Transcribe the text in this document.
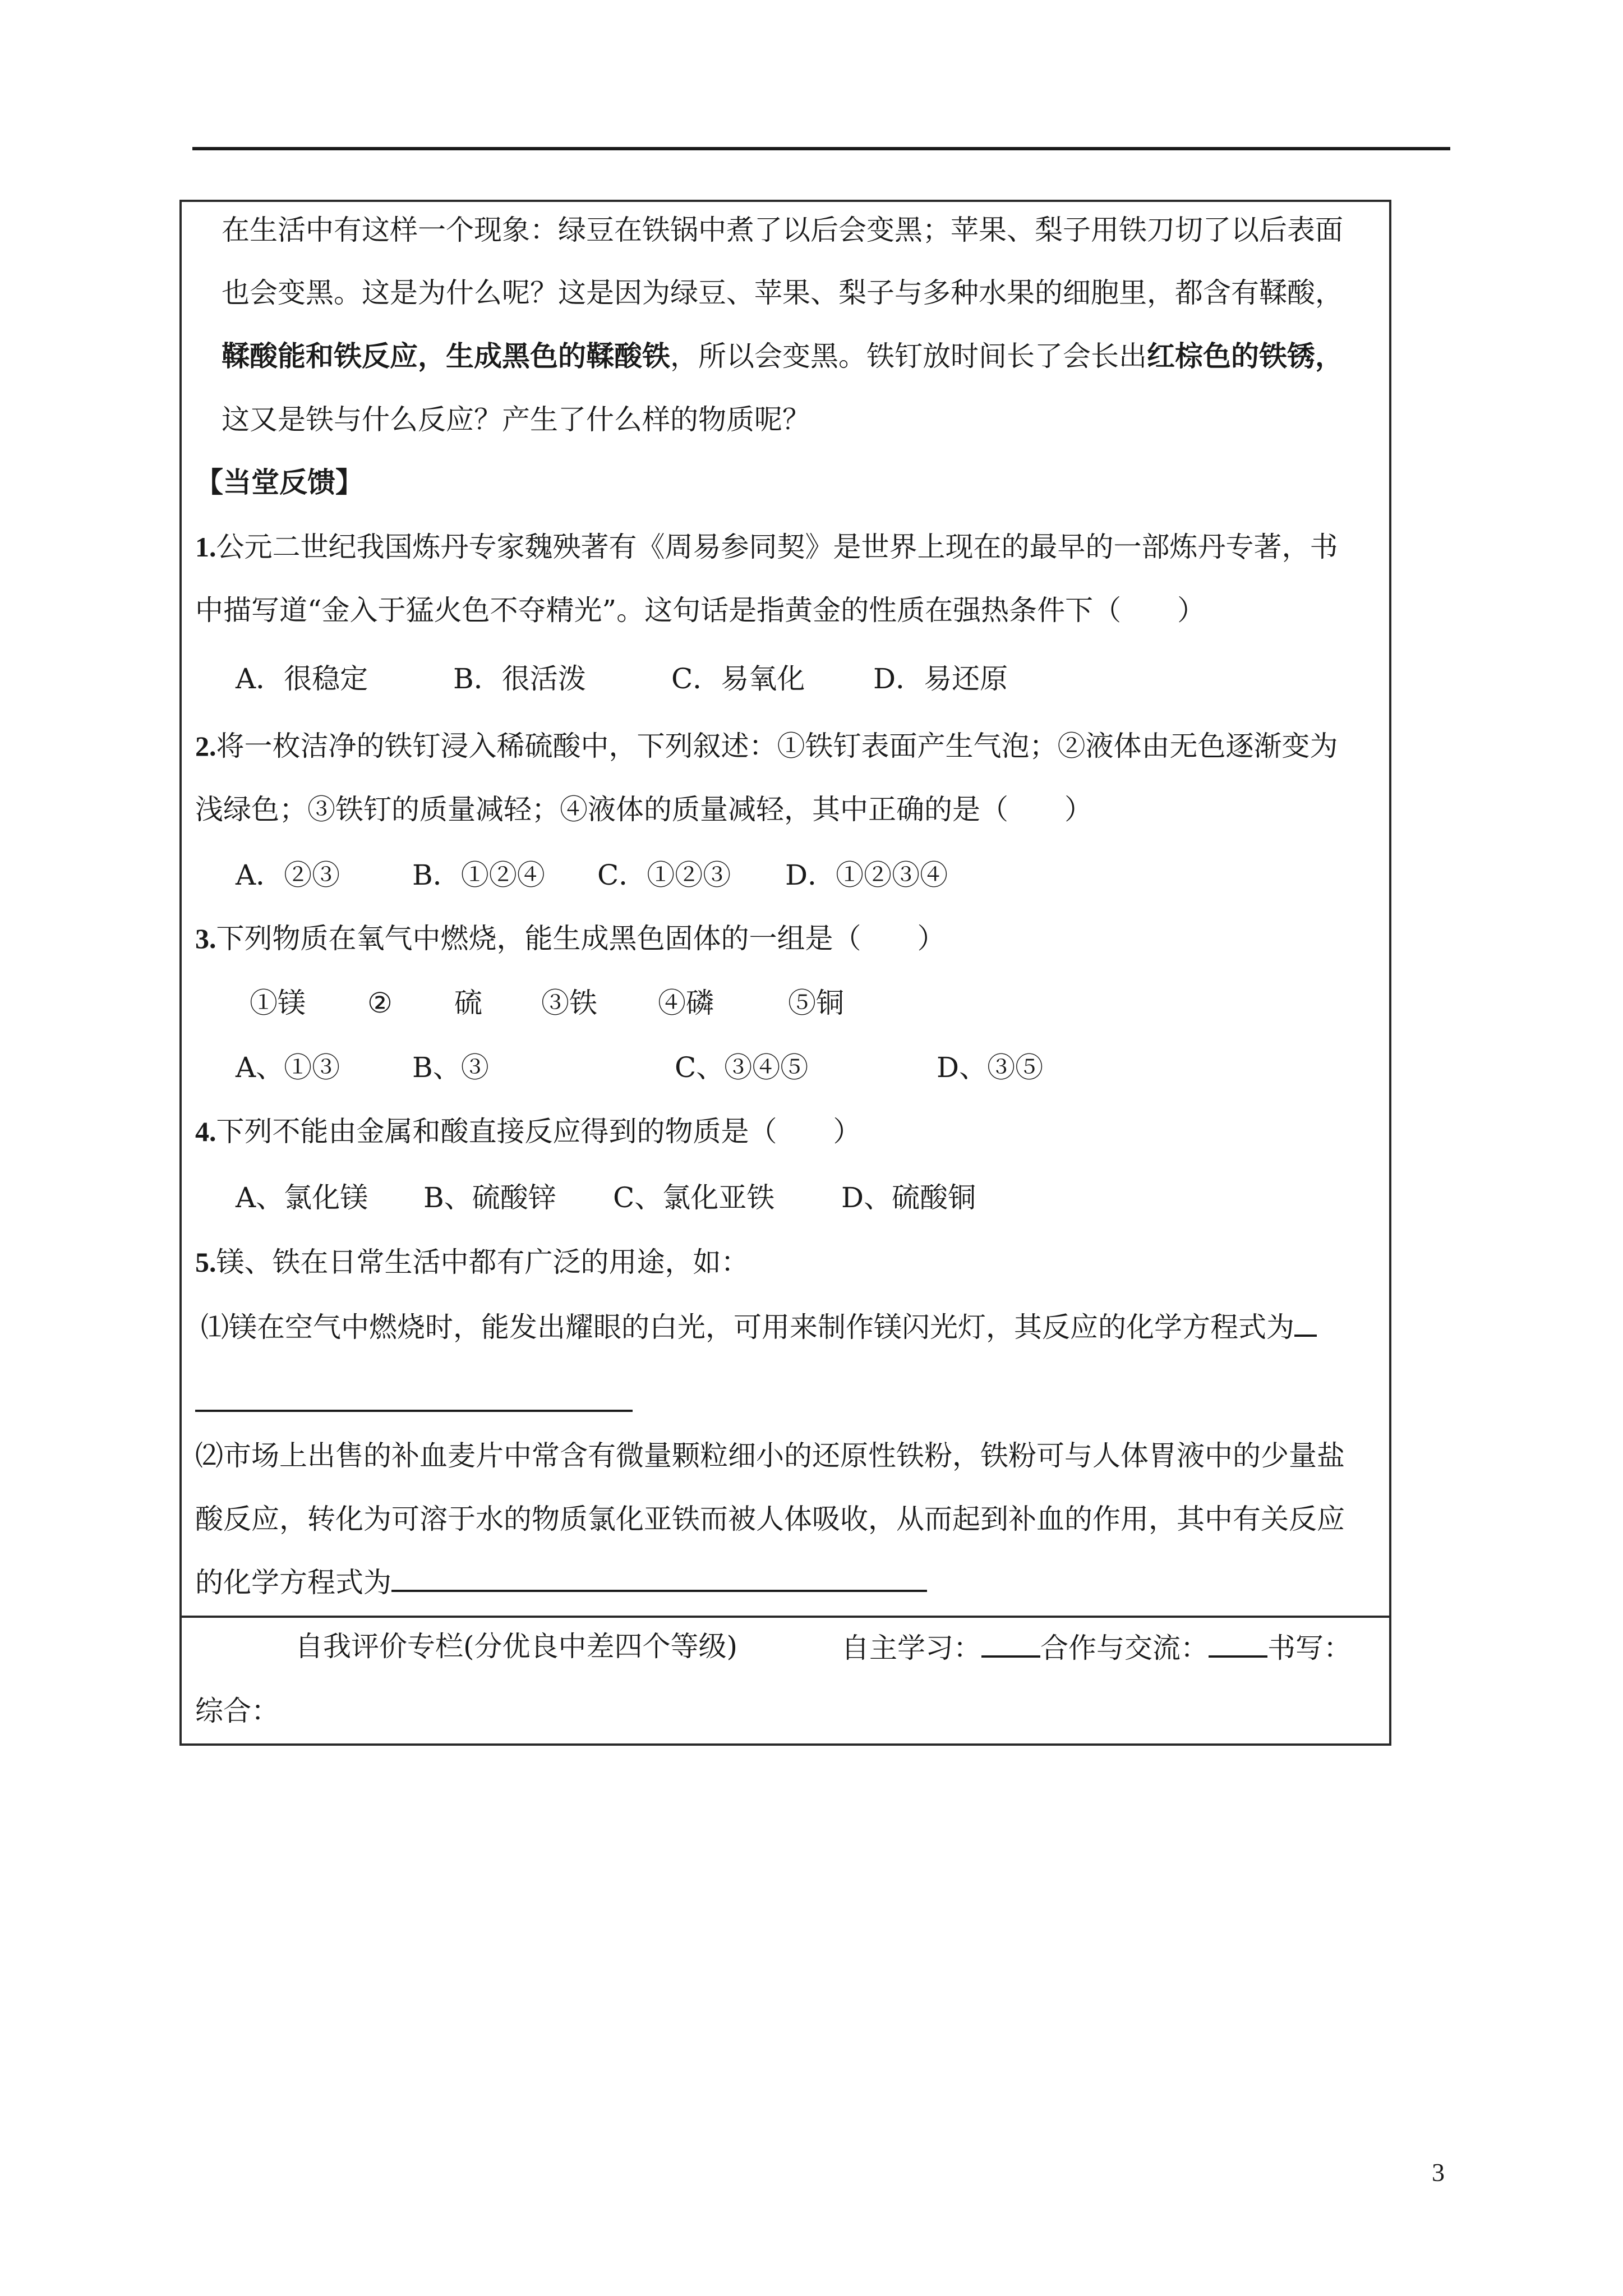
在生活中有这样一个现象：绿豆在铁锅中煮了以后会变黑；苹果、梨子用铁刀切了以后表面
也会变黑。这是为什么呢？这是因为绿豆、苹果、梨子与多种水果的细胞里，都含有鞣酸，
鞣酸能和铁反应，生成黑色的鞣酸铁，所以会变黑。铁钉放时间长了会长出红棕色的铁锈，
这又是铁与什么反应？产生了什么样的物质呢？
【当堂反馈】
1.公元二世纪我国炼丹专家魏殃著有《周易参同契》是世界上现在的最早的一部炼丹专著，书
中描写道“金入于猛火色不夺精光”。这句话是指黄金的性质在强热条件下（　　）
A．很稳定	B．很活泼	C．易氧化 D．易还原
2.将一枚洁净的铁钉浸入稀硫酸中，下列叙述：①铁钉表面产生气泡；②液体由无色逐渐变为
浅绿色；③铁钉的质量减轻；④液体的质量减轻，其中正确的是（　　）
A．②③	B．①②④ C．①②③ D．①②③④
3.下列物质在氧气中燃烧，能生成黑色固体的一组是（　　）
①镁 ② 硫 ③铁 ④磷	⑤铜
A、①③	B、③	C、③④⑤	D、③⑤
4.下列不能由金属和酸直接反应得到的物质是（　　）
A、氯化镁 B、硫酸锌 C、氯化亚铁 D、硫酸铜
5.镁、铁在日常生活中都有广泛的用途，如：
⑴镁在空气中燃烧时，能发出耀眼的白光，可用来制作镁闪光灯，其反应的化学方程式为
⑵市场上出售的补血麦片中常含有微量颗粒细小的还原性铁粉，铁粉可与人体胃液中的少量盐
酸反应，转化为可溶于水的物质氯化亚铁而被人体吸收，从而起到补血的作用，其中有关反应
的化学方程式为
自我评价专栏(分优良中差四个等级)	自主学习： 合作与交流： 书写：
综合：
3
